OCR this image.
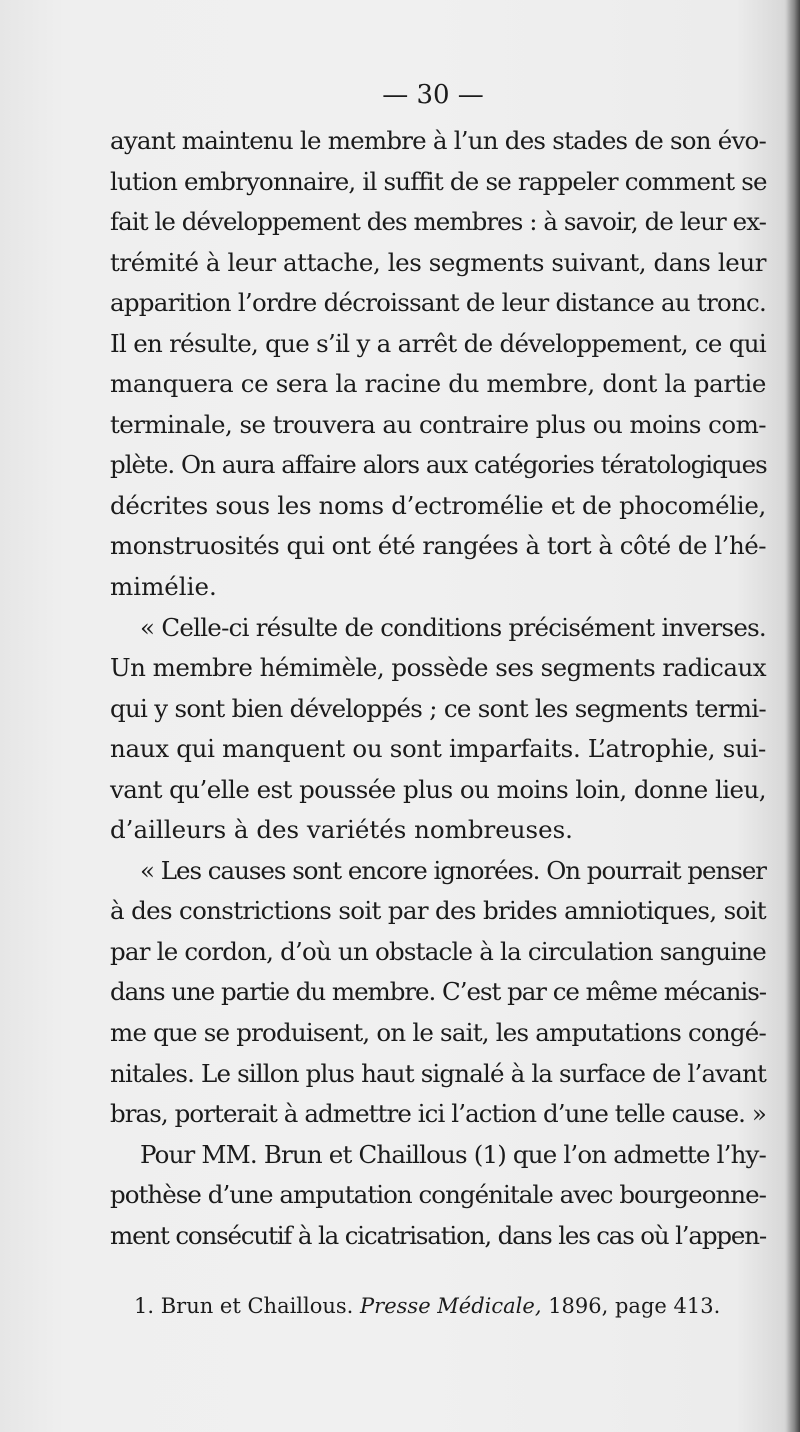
— 30 —
ayant maintenu le membre à l’un des stades de son évo-
lution embryonnaire, il suffit de se rappeler comment se
fait le développement des membres : à savoir, de leur ex-
trémité à leur attache, les segments suivant, dans leur
apparition l’ordre décroissant de leur distance au tronc.
Il en résulte, que s’il y a arrêt de développement, ce qui
manquera ce sera la racine du membre, dont la partie
terminale, se trouvera au contraire plus ou moins com-
plète. On aura affaire alors aux catégories tératologiques
décrites sous les noms d’ectromélie et de phocomélie,
monstruosités qui ont été rangées à tort à côté de l’hé-
mimélie.
« Celle-ci résulte de conditions précisément inverses.
Un membre hémimèle, possède ses segments radicaux
qui y sont bien développés ; ce sont les segments termi-
naux qui manquent ou sont imparfaits. L’atrophie, sui-
vant qu’elle est poussée plus ou moins loin, donne lieu,
d’ailleurs à des variétés nombreuses.
« Les causes sont encore ignorées. On pourrait penser
à des constrictions soit par des brides amniotiques, soit
par le cordon, d’où un obstacle à la circulation sanguine
dans une partie du membre. C’est par ce même mécanis-
me que se produisent, on le sait, les amputations congé-
nitales. Le sillon plus haut signalé à la surface de l’avant
bras, porterait à admettre ici l’action d’une telle cause. »
Pour MM. Brun et Chaillous (1) que l’on admette l’hy-
pothèse d’une amputation congénitale avec bourgeonne-
ment consécutif à la cicatrisation, dans les cas où l’appen-
1. Brun et Chaillous. Presse Médicale, 1896, page 413.
